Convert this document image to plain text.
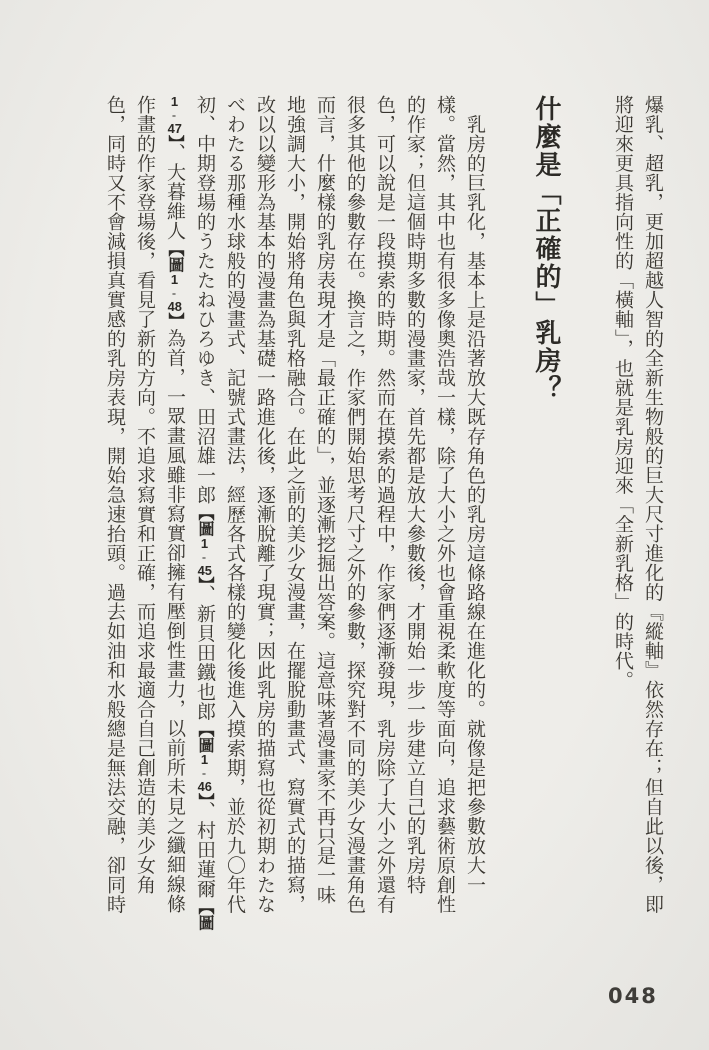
爆乳、超乳，更加超越人智的全新生物般的巨大尺寸進化的『縱軸』依然存在；但自此以後，即
將迎來更具指向性的「橫軸」，也就是乳房迎來「全新乳格」的時代。
什麼是「正確的」乳房？
　乳房的巨乳化，基本上是沿著放大既存角色的乳房這條路線在進化的。就像是把參數放大一
樣。當然，其中也有很多像奧浩哉一樣，除了大小之外也會重視柔軟度等面向，追求藝術原創性
的作家；但這個時期多數的漫畫家，首先都是放大參數後，才開始一步一步建立自己的乳房特
色，可以說是一段摸索的時期。然而在摸索的過程中，作家們逐漸發現，乳房除了大小之外還有
很多其他的參數存在。換言之，作家們開始思考尺寸之外的參數，探究對不同的美少女漫畫角色
而言，什麼樣的乳房表現才是「最正確的」，並逐漸挖掘出答案。這意味著漫畫家不再只是一味
地強調大小，開始將角色與乳格融合。在此之前的美少女漫畫，在擺脫動畫式、寫實式的描寫，
改以以變形為基本的漫畫為基礎一路進化後，逐漸脫離了現實；因此乳房的描寫也從初期わたな
べわたる那種水球般的漫畫式、記號式畫法，經歷各式各樣的變化後進入摸索期，並於九〇年代
初、中期登場的うたたねひろゆき、田沼雄一郎【圖1-45】、新貝田鐵也郎【圖1-46】、村田蓮爾【圖
1-47】、大暮維人【圖1-48】為首，一眾畫風雖非寫實卻擁有壓倒性畫力，以前所未見之纖細線條
作畫的作家登場後，看見了新的方向。不追求寫實和正確，而追求最適合自己創造的美少女角
色，同時又不會減損真實感的乳房表現，開始急速抬頭。過去如油和水般總是無法交融，卻同時
048
